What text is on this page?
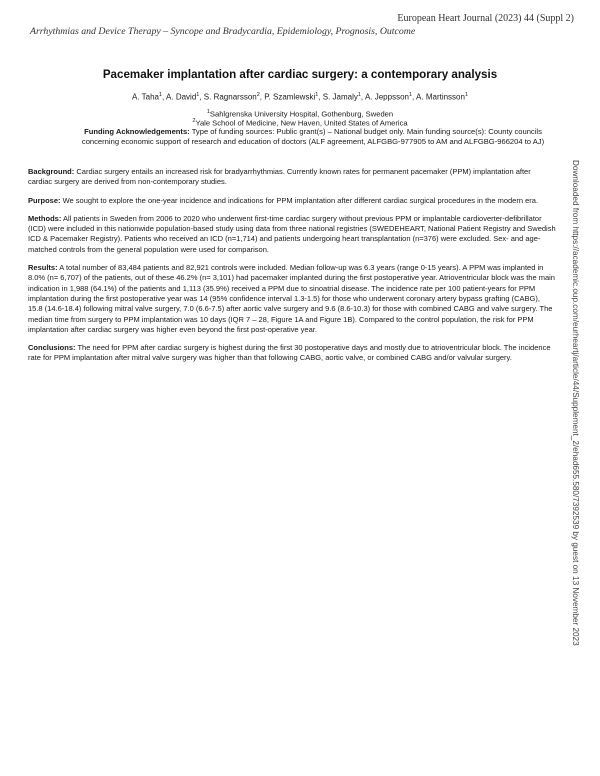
European Heart Journal (2023) 44 (Suppl 2)
Arrhythmias and Device Therapy – Syncope and Bradycardia, Epidemiology, Prognosis, Outcome
Pacemaker implantation after cardiac surgery: a contemporary analysis
A. Taha$^1$, A. David$^1$, S. Ragnarsson$^2$, P. Szamlewski$^1$, S. Jamaly$^1$, A. Jeppsson$^1$, A. Martinsson$^1$
$^1$Sahlgrenska University Hospital, Gothenburg, Sweden
$^2$Yale School of Medicine, New Haven, United States of America
Funding Acknowledgements: Type of funding sources: Public grant(s) – National budget only. Main funding source(s): County councils concerning economic support of research and education of doctors (ALF agreement, ALFGBG-977905 to AM and ALFGBG-966204 to AJ)

Background: Cardiac surgery entails an increased risk for bradyarrhythmias. Currently known rates for permanent pacemaker (PPM) implantation after cardiac surgery are derived from non-contemporary studies.

Purpose: We sought to explore the one-year incidence and indications for PPM implantation after different cardiac surgical procedures in the modern era.

Methods: All patients in Sweden from 2006 to 2020 who underwent first-time cardiac surgery without previous PPM or implantable cardioverter-defibrillator (ICD) were included in this nationwide population-based study using data from three national registries (SWEDEHEART, National Patient Registry and Swedish ICD & Pacemaker Registry). Patients who received an ICD (n=1,714) and patients undergoing heart transplantation (n=376) were excluded. Sex- and age-matched controls from the general population were used for comparison.

Results: A total number of 83,484 patients and 82,921 controls were included. Median follow-up was 6.3 years (range 0-15 years). A PPM was implanted in 8.0% (n= 6,707) of the patients, out of these 46.2% (n= 3,101) had pacemaker implanted during the first postoperative year. Atrioventricular block was the main indication in 1,988 (64.1%) of the patients and 1,113 (35.9%) received a PPM due to sinoatrial disease. The incidence rate per 100 patient-years for PPM implantation during the first postoperative year was 14 (95% confidence interval 1.3-1.5) for those who underwent coronary artery bypass grafting (CABG), 15.8 (14.6-18.4) following mitral valve surgery, 7.0 (6.6-7.5) after aortic valve surgery and 9.6 (8.6-10.3) for those with combined CABG and valve surgery. The median time from surgery to PPM implantation was 10 days (IQR 7 – 28, Figure 1A and Figure 1B). Compared to the control population, the risk for PPM implantation after cardiac surgery was higher even beyond the first post-operative year.

Conclusions: The need for PPM after cardiac surgery is highest during the first 30 postoperative days and mostly due to atrioventricular block. The incidence rate for PPM implantation after mitral valve surgery was higher than that following CABG, aortic valve, or combined CABG and/or valvular surgery.	Downloaded from https://academic.oup.com/eurheartj/article/44/Supplement_2/ehad655.580/7392539 by guest on 13 November 2023
